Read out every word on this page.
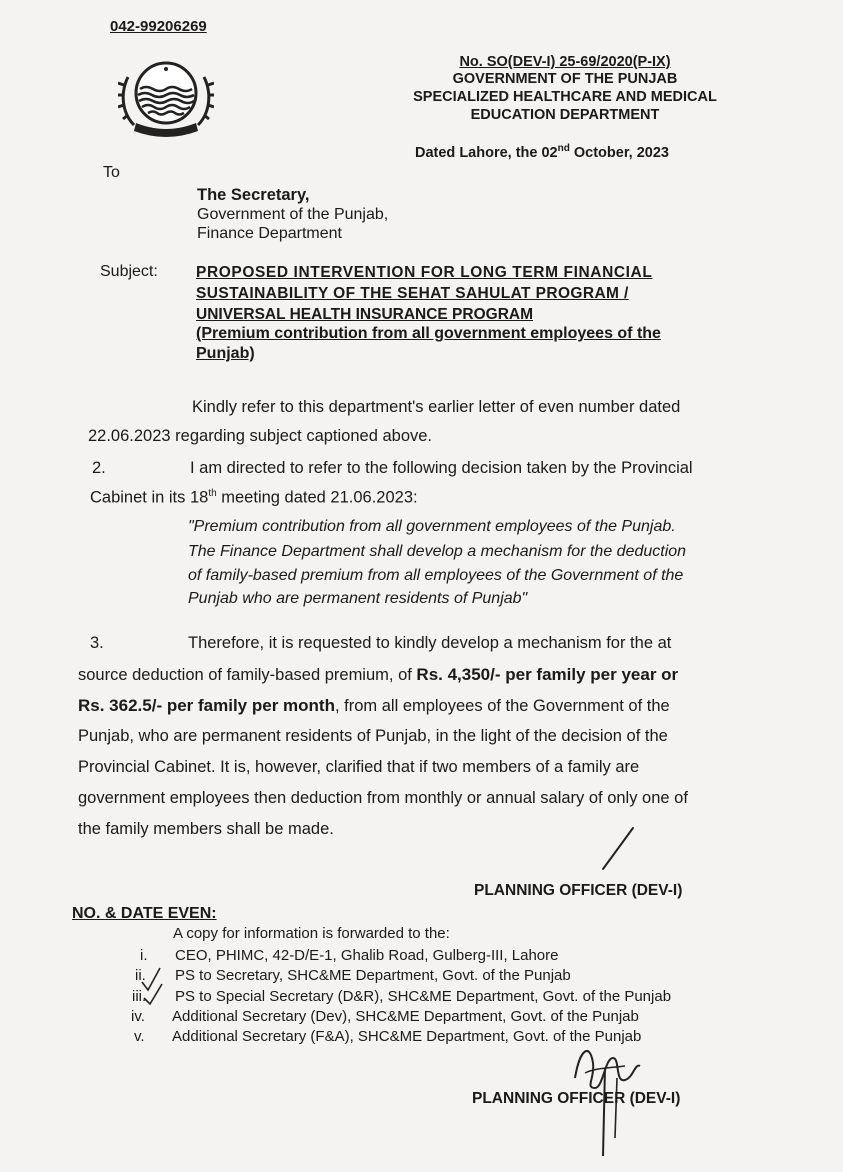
042-99206269
No. SO(DEV-I) 25-69/2020(P-IX)
GOVERNMENT OF THE PUNJAB
SPECIALIZED HEALTHCARE AND MEDICAL
EDUCATION DEPARTMENT
Dated Lahore, the 02nd October, 2023
To
The Secretary,
Government of the Punjab,
Finance Department
Subject: PROPOSED INTERVENTION FOR LONG TERM FINANCIAL
SUSTAINABILITY OF THE SEHAT SAHULAT PROGRAM /
UNIVERSAL HEALTH INSURANCE PROGRAM
(Premium contribution from all government employees of the
Punjab)
Kindly refer to this department's earlier letter of even number dated
22.06.2023 regarding subject captioned above.
2.	I am directed to refer to the following decision taken by the Provincial
Cabinet in its 18th meeting dated 21.06.2023:
"Premium contribution from all government employees of the Punjab.
The Finance Department shall develop a mechanism for the deduction
of family-based premium from all employees of the Government of the
Punjab who are permanent residents of Punjab"
3.	Therefore, it is requested to kindly develop a mechanism for the at
source deduction of family-based premium, of Rs. 4,350/- per family per year or
Rs. 362.5/- per family per month, from all employees of the Government of the
Punjab, who are permanent residents of Punjab, in the light of the decision of the
Provincial Cabinet. It is, however, clarified that if two members of a family are
government employees then deduction from monthly or annual salary of only one of
the family members shall be made.
PLANNING OFFICER (DEV-I)
NO. & DATE EVEN:
A copy for information is forwarded to the:
i. CEO, PHIMC, 42-D/E-1, Ghalib Road, Gulberg-III, Lahore
ii. PS to Secretary, SHC&ME Department, Govt. of the Punjab
iii. PS to Special Secretary (D&R), SHC&ME Department, Govt. of the Punjab
iv. Additional Secretary (Dev), SHC&ME Department, Govt. of the Punjab
v. Additional Secretary (F&A), SHC&ME Department, Govt. of the Punjab
PLANNING OFFICER (DEV-I)
